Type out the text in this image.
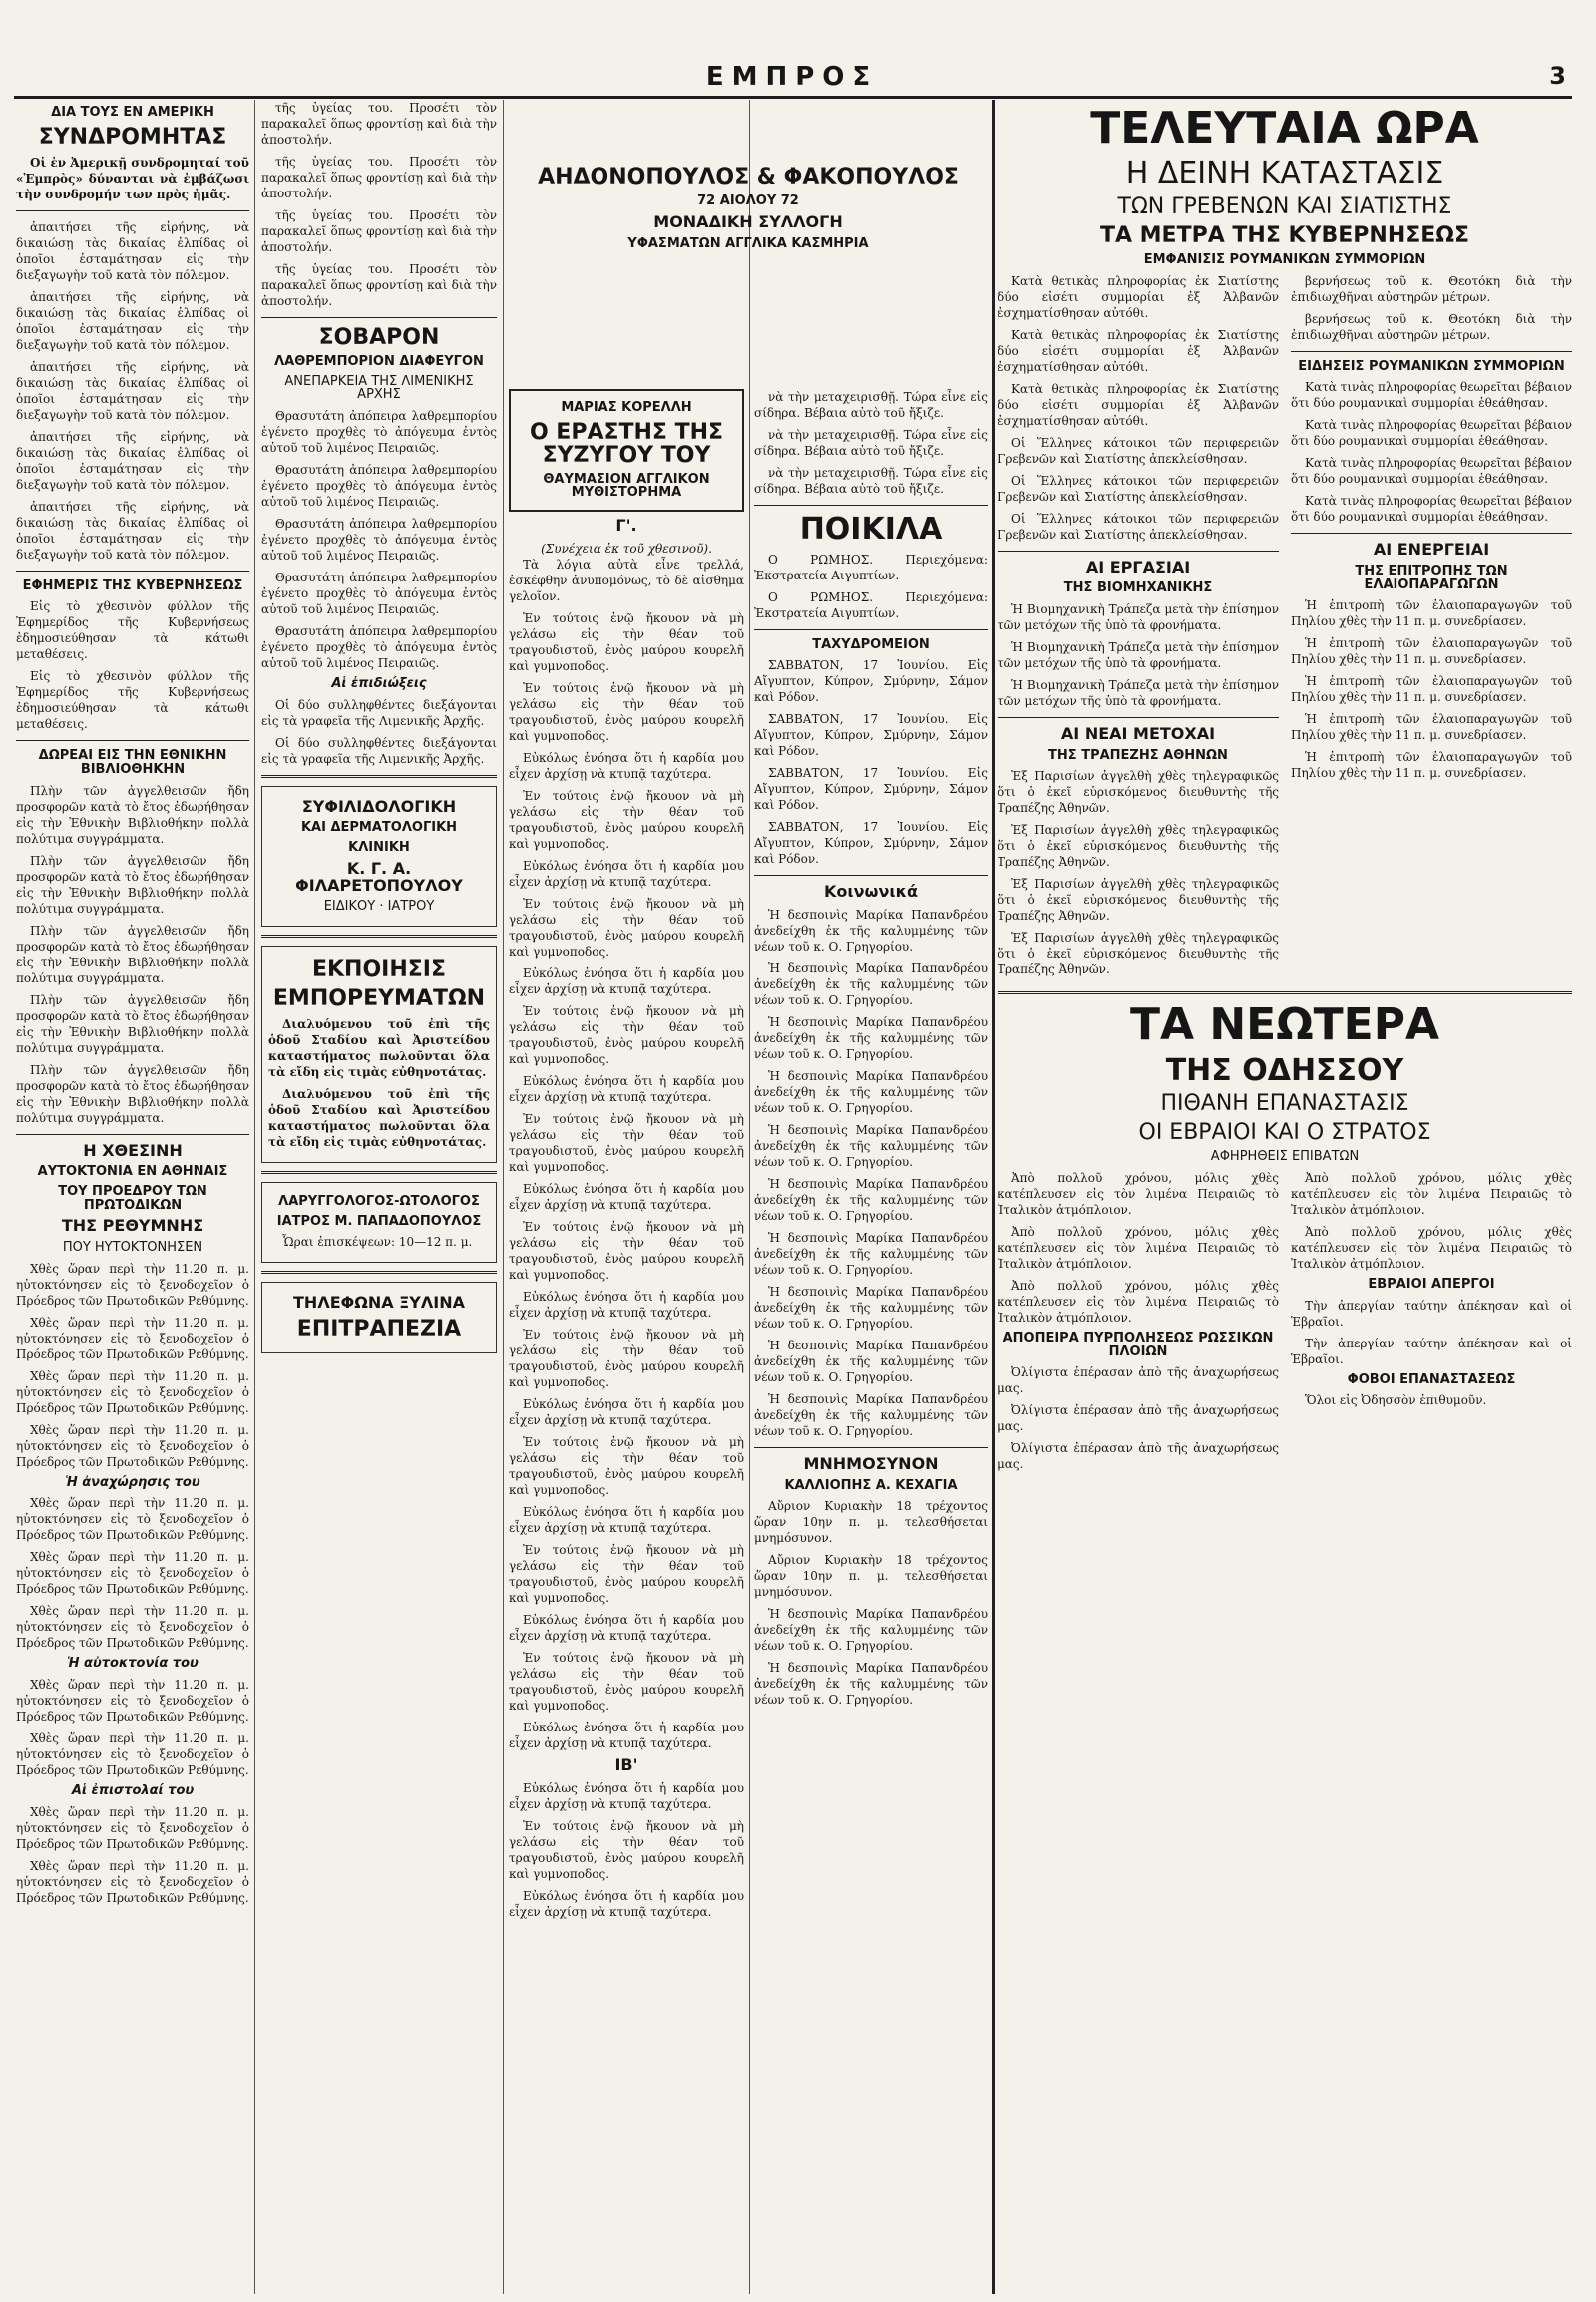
ΕΜΠΡΟΣ	3
ΔΙΑ ΤΟΥΣ ΕΝ ΑΜΕΡΙΚΗ
ΣΥΝΔΡΟΜΗΤΑΣ
Οἱ ἐν Ἀμερικῇ συνδρομηταί τοῦ «Ἐμπρὸς» δύνανται νὰ ἐμβάζωσι τὴν συνδρομήν των πρὸς ἡμᾶς.
ἀπαιτήσει τῆς εἰρήνης, νὰ δικαιώσῃ τὰς δικαίας ἐλπίδας οἱ ὁποῖοι ἐσταμάτησαν εἰς τὴν διεξαγωγὴν τοῦ κατὰ τὸν πόλεμον.
ἀπαιτήσει τῆς εἰρήνης, νὰ δικαιώσῃ τὰς δικαίας ἐλπίδας οἱ ὁποῖοι ἐσταμάτησαν εἰς τὴν διεξαγωγὴν τοῦ κατὰ τὸν πόλεμον.
ἀπαιτήσει τῆς εἰρήνης, νὰ δικαιώσῃ τὰς δικαίας ἐλπίδας οἱ ὁποῖοι ἐσταμάτησαν εἰς τὴν διεξαγωγὴν τοῦ κατὰ τὸν πόλεμον.
ἀπαιτήσει τῆς εἰρήνης, νὰ δικαιώσῃ τὰς δικαίας ἐλπίδας οἱ ὁποῖοι ἐσταμάτησαν εἰς τὴν διεξαγωγὴν τοῦ κατὰ τὸν πόλεμον.
ἀπαιτήσει τῆς εἰρήνης, νὰ δικαιώσῃ τὰς δικαίας ἐλπίδας οἱ ὁποῖοι ἐσταμάτησαν εἰς τὴν διεξαγωγὴν τοῦ κατὰ τὸν πόλεμον.
ΕΦΗΜΕΡΙΣ ΤΗΣ ΚΥΒΕΡΝΗΣΕΩΣ
Εἰς τὸ χθεσινὸν φύλλον τῆς Ἐφημερίδος τῆς Κυβερνήσεως ἐδημοσιεύθησαν τὰ κάτωθι μεταθέσεις.
Εἰς τὸ χθεσινὸν φύλλον τῆς Ἐφημερίδος τῆς Κυβερνήσεως ἐδημοσιεύθησαν τὰ κάτωθι μεταθέσεις.
ΔΩΡΕΑΙ ΕΙΣ ΤΗΝ ΕΘΝΙΚΗΝ ΒΙΒΛΙΟΘΗΚΗΝ
Πλὴν τῶν ἀγγελθεισῶν ἤδη προσφορῶν κατὰ τὸ ἔτος ἐδωρήθησαν εἰς τὴν Ἐθνικὴν Βιβλιοθήκην πολλὰ πολύτιμα συγγράμματα.
Πλὴν τῶν ἀγγελθεισῶν ἤδη προσφορῶν κατὰ τὸ ἔτος ἐδωρήθησαν εἰς τὴν Ἐθνικὴν Βιβλιοθήκην πολλὰ πολύτιμα συγγράμματα.
Πλὴν τῶν ἀγγελθεισῶν ἤδη προσφορῶν κατὰ τὸ ἔτος ἐδωρήθησαν εἰς τὴν Ἐθνικὴν Βιβλιοθήκην πολλὰ πολύτιμα συγγράμματα.
Πλὴν τῶν ἀγγελθεισῶν ἤδη προσφορῶν κατὰ τὸ ἔτος ἐδωρήθησαν εἰς τὴν Ἐθνικὴν Βιβλιοθήκην πολλὰ πολύτιμα συγγράμματα.
Πλὴν τῶν ἀγγελθεισῶν ἤδη προσφορῶν κατὰ τὸ ἔτος ἐδωρήθησαν εἰς τὴν Ἐθνικὴν Βιβλιοθήκην πολλὰ πολύτιμα συγγράμματα.
Η ΧΘΕΣΙΝΗ
ΑΥΤΟΚΤΟΝΙΑ ΕΝ ΑΘΗΝΑΙΣ
ΤΟΥ ΠΡΟΕΔΡΟΥ ΤΩΝ ΠΡΩΤΟΔΙΚΩΝ
ΤΗΣ ΡΕΘΥΜΝΗΣ
ΠΟΥ ΗΥΤΟΚΤΟΝΗΣΕΝ
Χθὲς ὥραν περὶ τὴν 11.20 π. μ. ηὐτοκτόνησεν εἰς τὸ ξενοδοχεῖον ὁ Πρόεδρος τῶν Πρωτοδικῶν Ρεθύμνης.
Χθὲς ὥραν περὶ τὴν 11.20 π. μ. ηὐτοκτόνησεν εἰς τὸ ξενοδοχεῖον ὁ Πρόεδρος τῶν Πρωτοδικῶν Ρεθύμνης.
Χθὲς ὥραν περὶ τὴν 11.20 π. μ. ηὐτοκτόνησεν εἰς τὸ ξενοδοχεῖον ὁ Πρόεδρος τῶν Πρωτοδικῶν Ρεθύμνης.
Χθὲς ὥραν περὶ τὴν 11.20 π. μ. ηὐτοκτόνησεν εἰς τὸ ξενοδοχεῖον ὁ Πρόεδρος τῶν Πρωτοδικῶν Ρεθύμνης.
Ἡ ἀναχώρησις του
Χθὲς ὥραν περὶ τὴν 11.20 π. μ. ηὐτοκτόνησεν εἰς τὸ ξενοδοχεῖον ὁ Πρόεδρος τῶν Πρωτοδικῶν Ρεθύμνης.
Χθὲς ὥραν περὶ τὴν 11.20 π. μ. ηὐτοκτόνησεν εἰς τὸ ξενοδοχεῖον ὁ Πρόεδρος τῶν Πρωτοδικῶν Ρεθύμνης.
Χθὲς ὥραν περὶ τὴν 11.20 π. μ. ηὐτοκτόνησεν εἰς τὸ ξενοδοχεῖον ὁ Πρόεδρος τῶν Πρωτοδικῶν Ρεθύμνης.
Ἡ αὐτοκτονία του
Χθὲς ὥραν περὶ τὴν 11.20 π. μ. ηὐτοκτόνησεν εἰς τὸ ξενοδοχεῖον ὁ Πρόεδρος τῶν Πρωτοδικῶν Ρεθύμνης.
Χθὲς ὥραν περὶ τὴν 11.20 π. μ. ηὐτοκτόνησεν εἰς τὸ ξενοδοχεῖον ὁ Πρόεδρος τῶν Πρωτοδικῶν Ρεθύμνης.
Αἱ ἐπιστολαί του
Χθὲς ὥραν περὶ τὴν 11.20 π. μ. ηὐτοκτόνησεν εἰς τὸ ξενοδοχεῖον ὁ Πρόεδρος τῶν Πρωτοδικῶν Ρεθύμνης.
Χθὲς ὥραν περὶ τὴν 11.20 π. μ. ηὐτοκτόνησεν εἰς τὸ ξενοδοχεῖον ὁ Πρόεδρος τῶν Πρωτοδικῶν Ρεθύμνης.
τῆς ὑγείας του. Προσέτι τὸν παρακαλεῖ ὅπως φροντίσῃ καὶ διὰ τὴν ἀποστολήν.
τῆς ὑγείας του. Προσέτι τὸν παρακαλεῖ ὅπως φροντίσῃ καὶ διὰ τὴν ἀποστολήν.
τῆς ὑγείας του. Προσέτι τὸν παρακαλεῖ ὅπως φροντίσῃ καὶ διὰ τὴν ἀποστολήν.
τῆς ὑγείας του. Προσέτι τὸν παρακαλεῖ ὅπως φροντίσῃ καὶ διὰ τὴν ἀποστολήν.
ΣΟΒΑΡΟΝ
ΛΑΘΡΕΜΠΟΡΙΟΝ ΔΙΑΦΕΥΓΟΝ
ΑΝΕΠΑΡΚΕΙΑ ΤΗΣ ΛΙΜΕΝΙΚΗΣ ΑΡΧΗΣ
Θρασυτάτη ἀπόπειρα λαθρεμπορίου ἐγένετο προχθὲς τὸ ἀπόγευμα ἐντὸς αὐτοῦ τοῦ λιμένος Πειραιῶς.
Θρασυτάτη ἀπόπειρα λαθρεμπορίου ἐγένετο προχθὲς τὸ ἀπόγευμα ἐντὸς αὐτοῦ τοῦ λιμένος Πειραιῶς.
Θρασυτάτη ἀπόπειρα λαθρεμπορίου ἐγένετο προχθὲς τὸ ἀπόγευμα ἐντὸς αὐτοῦ τοῦ λιμένος Πειραιῶς.
Θρασυτάτη ἀπόπειρα λαθρεμπορίου ἐγένετο προχθὲς τὸ ἀπόγευμα ἐντὸς αὐτοῦ τοῦ λιμένος Πειραιῶς.
Θρασυτάτη ἀπόπειρα λαθρεμπορίου ἐγένετο προχθὲς τὸ ἀπόγευμα ἐντὸς αὐτοῦ τοῦ λιμένος Πειραιῶς.
Αἱ ἐπιδιώξεις
Οἱ δύο συλληφθέντες διεξάγονται εἰς τὰ γραφεῖα τῆς Λιμενικῆς Ἀρχῆς.
Οἱ δύο συλληφθέντες διεξάγονται εἰς τὰ γραφεῖα τῆς Λιμενικῆς Ἀρχῆς.
ΣΥΦΙΛΙΔΟΛΟΓΙΚΗ
ΚΑΙ ΔΕΡΜΑΤΟΛΟΓΙΚΗ
ΚΛΙΝΙΚΗ
Κ. Γ. Α. ΦΙΛΑΡΕΤΟΠΟΥΛΟΥ
ΕΙΔΙΚΟΥ · ΙΑΤΡΟΥ
ΕΚΠΟΙΗΣΙΣ
ΕΜΠΟΡΕΥΜΑΤΩΝ
Διαλυόμενου τοῦ ἐπὶ τῆς ὁδοῦ Σταδίου καὶ Ἀριστείδου καταστήματος πωλοῦνται ὅλα τὰ εἴδη εἰς τιμὰς εὐθηνοτάτας.
Διαλυόμενου τοῦ ἐπὶ τῆς ὁδοῦ Σταδίου καὶ Ἀριστείδου καταστήματος πωλοῦνται ὅλα τὰ εἴδη εἰς τιμὰς εὐθηνοτάτας.
ΛΑΡΥΓΓΟΛΟΓΟΣ-ΩΤΟΛΟΓΟΣ
ΙΑΤΡΟΣ Μ. ΠΑΠΑΔΟΠΟΥΛΟΣ
Ὧραι ἐπισκέψεων: 10—12 π. μ.
ΤΗΛΕΦΩΝΑ ΞΥΛΙΝΑ
ΕΠΙΤΡΑΠΕΖΙΑ
ΑΗΔΟΝΟΠΟΥΛΟΣ & ΦΑΚΟΠΟΥΛΟΣ
72 ΑΙΟΛΟΥ 72
ΜΟΝΑΔΙΚΗ ΣΥΛΛΟΓΗ
ΥΦΑΣΜΑΤΩΝ ΑΓΓΛΙΚΑ ΚΑΣΜΗΡΙΑ
ΜΑΡΙΑΣ ΚΟΡΕΛΛΗ
Ο ΕΡΑΣΤΗΣ ΤΗΣ ΣΥΖΥΓΟΥ ΤΟΥ
ΘΑΥΜΑΣΙΟΝ ΑΓΓΛΙΚΟΝ ΜΥΘΙΣΤΟΡΗΜΑ
Γ'.
(Συνέχεια ἐκ τοῦ χθεσινοῦ).
Τὰ λόγια αὐτὰ εἶνε τρελλά, ἐσκέφθην ἀνυπομόνως, τὸ δὲ αἰσθημα γελοῖον.
Ἐν τούτοις ἐνῷ ἤκουον νὰ μὴ γελάσω εἰς τὴν θέαν τοῦ τραγουδιστοῦ, ἐνὸς μαύρου κουρελῆ καὶ γυμνοποδος.
Ἐν τούτοις ἐνῷ ἤκουον νὰ μὴ γελάσω εἰς τὴν θέαν τοῦ τραγουδιστοῦ, ἐνὸς μαύρου κουρελῆ καὶ γυμνοποδος.
Εὐκόλως ἐνόησα ὅτι ἡ καρδία μου εἶχεν ἀρχίσῃ νὰ κτυπᾷ ταχύτερα.
Ἐν τούτοις ἐνῷ ἤκουον νὰ μὴ γελάσω εἰς τὴν θέαν τοῦ τραγουδιστοῦ, ἐνὸς μαύρου κουρελῆ καὶ γυμνοποδος.
Εὐκόλως ἐνόησα ὅτι ἡ καρδία μου εἶχεν ἀρχίσῃ νὰ κτυπᾷ ταχύτερα.
Ἐν τούτοις ἐνῷ ἤκουον νὰ μὴ γελάσω εἰς τὴν θέαν τοῦ τραγουδιστοῦ, ἐνὸς μαύρου κουρελῆ καὶ γυμνοποδος.
Εὐκόλως ἐνόησα ὅτι ἡ καρδία μου εἶχεν ἀρχίσῃ νὰ κτυπᾷ ταχύτερα.
Ἐν τούτοις ἐνῷ ἤκουον νὰ μὴ γελάσω εἰς τὴν θέαν τοῦ τραγουδιστοῦ, ἐνὸς μαύρου κουρελῆ καὶ γυμνοποδος.
Εὐκόλως ἐνόησα ὅτι ἡ καρδία μου εἶχεν ἀρχίσῃ νὰ κτυπᾷ ταχύτερα.
Ἐν τούτοις ἐνῷ ἤκουον νὰ μὴ γελάσω εἰς τὴν θέαν τοῦ τραγουδιστοῦ, ἐνὸς μαύρου κουρελῆ καὶ γυμνοποδος.
Εὐκόλως ἐνόησα ὅτι ἡ καρδία μου εἶχεν ἀρχίσῃ νὰ κτυπᾷ ταχύτερα.
Ἐν τούτοις ἐνῷ ἤκουον νὰ μὴ γελάσω εἰς τὴν θέαν τοῦ τραγουδιστοῦ, ἐνὸς μαύρου κουρελῆ καὶ γυμνοποδος.
Εὐκόλως ἐνόησα ὅτι ἡ καρδία μου εἶχεν ἀρχίσῃ νὰ κτυπᾷ ταχύτερα.
Ἐν τούτοις ἐνῷ ἤκουον νὰ μὴ γελάσω εἰς τὴν θέαν τοῦ τραγουδιστοῦ, ἐνὸς μαύρου κουρελῆ καὶ γυμνοποδος.
Εὐκόλως ἐνόησα ὅτι ἡ καρδία μου εἶχεν ἀρχίσῃ νὰ κτυπᾷ ταχύτερα.
Ἐν τούτοις ἐνῷ ἤκουον νὰ μὴ γελάσω εἰς τὴν θέαν τοῦ τραγουδιστοῦ, ἐνὸς μαύρου κουρελῆ καὶ γυμνοποδος.
Εὐκόλως ἐνόησα ὅτι ἡ καρδία μου εἶχεν ἀρχίσῃ νὰ κτυπᾷ ταχύτερα.
Ἐν τούτοις ἐνῷ ἤκουον νὰ μὴ γελάσω εἰς τὴν θέαν τοῦ τραγουδιστοῦ, ἐνὸς μαύρου κουρελῆ καὶ γυμνοποδος.
Εὐκόλως ἐνόησα ὅτι ἡ καρδία μου εἶχεν ἀρχίσῃ νὰ κτυπᾷ ταχύτερα.
Ἐν τούτοις ἐνῷ ἤκουον νὰ μὴ γελάσω εἰς τὴν θέαν τοῦ τραγουδιστοῦ, ἐνὸς μαύρου κουρελῆ καὶ γυμνοποδος.
Εὐκόλως ἐνόησα ὅτι ἡ καρδία μου εἶχεν ἀρχίσῃ νὰ κτυπᾷ ταχύτερα.
ΙΒ'
Εὐκόλως ἐνόησα ὅτι ἡ καρδία μου εἶχεν ἀρχίσῃ νὰ κτυπᾷ ταχύτερα.
Ἐν τούτοις ἐνῷ ἤκουον νὰ μὴ γελάσω εἰς τὴν θέαν τοῦ τραγουδιστοῦ, ἐνὸς μαύρου κουρελῆ καὶ γυμνοποδος.
Εὐκόλως ἐνόησα ὅτι ἡ καρδία μου εἶχεν ἀρχίσῃ νὰ κτυπᾷ ταχύτερα.
νὰ τὴν μεταχειρισθῇ. Τώρα εἶνε εἰς σίδηρα. Βέβαια αὐτὸ τοῦ ἤξιζε.
νὰ τὴν μεταχειρισθῇ. Τώρα εἶνε εἰς σίδηρα. Βέβαια αὐτὸ τοῦ ἤξιζε.
νὰ τὴν μεταχειρισθῇ. Τώρα εἶνε εἰς σίδηρα. Βέβαια αὐτὸ τοῦ ἤξιζε.
ΠΟΙΚΙΛΑ
Ο ΡΩΜΗΟΣ. Περιεχόμενα: Ἐκστρατεία Αιγυπτίων.
Ο ΡΩΜΗΟΣ. Περιεχόμενα: Ἐκστρατεία Αιγυπτίων.
ΤΑΧΥΔΡΟΜΕΙΟΝ
ΣΑΒΒΑΤΟΝ, 17 Ἰουνίου. Εἰς Αἴγυπτον, Κύπρον, Σμύρνην, Σάμον καὶ Ρόδον.
ΣΑΒΒΑΤΟΝ, 17 Ἰουνίου. Εἰς Αἴγυπτον, Κύπρον, Σμύρνην, Σάμον καὶ Ρόδον.
ΣΑΒΒΑΤΟΝ, 17 Ἰουνίου. Εἰς Αἴγυπτον, Κύπρον, Σμύρνην, Σάμον καὶ Ρόδον.
ΣΑΒΒΑΤΟΝ, 17 Ἰουνίου. Εἰς Αἴγυπτον, Κύπρον, Σμύρνην, Σάμον καὶ Ρόδον.
Κοινωνικά
Ἡ δεσποινὶς Μαρίκα Παπανδρέου ἀνεδείχθη ἐκ τῆς καλυμμένης τῶν νέων τοῦ κ. Ο. Γρηγορίου.
Ἡ δεσποινὶς Μαρίκα Παπανδρέου ἀνεδείχθη ἐκ τῆς καλυμμένης τῶν νέων τοῦ κ. Ο. Γρηγορίου.
Ἡ δεσποινὶς Μαρίκα Παπανδρέου ἀνεδείχθη ἐκ τῆς καλυμμένης τῶν νέων τοῦ κ. Ο. Γρηγορίου.
Ἡ δεσποινὶς Μαρίκα Παπανδρέου ἀνεδείχθη ἐκ τῆς καλυμμένης τῶν νέων τοῦ κ. Ο. Γρηγορίου.
Ἡ δεσποινὶς Μαρίκα Παπανδρέου ἀνεδείχθη ἐκ τῆς καλυμμένης τῶν νέων τοῦ κ. Ο. Γρηγορίου.
Ἡ δεσποινὶς Μαρίκα Παπανδρέου ἀνεδείχθη ἐκ τῆς καλυμμένης τῶν νέων τοῦ κ. Ο. Γρηγορίου.
Ἡ δεσποινὶς Μαρίκα Παπανδρέου ἀνεδείχθη ἐκ τῆς καλυμμένης τῶν νέων τοῦ κ. Ο. Γρηγορίου.
Ἡ δεσποινὶς Μαρίκα Παπανδρέου ἀνεδείχθη ἐκ τῆς καλυμμένης τῶν νέων τοῦ κ. Ο. Γρηγορίου.
Ἡ δεσποινὶς Μαρίκα Παπανδρέου ἀνεδείχθη ἐκ τῆς καλυμμένης τῶν νέων τοῦ κ. Ο. Γρηγορίου.
Ἡ δεσποινὶς Μαρίκα Παπανδρέου ἀνεδείχθη ἐκ τῆς καλυμμένης τῶν νέων τοῦ κ. Ο. Γρηγορίου.
ΜΝΗΜΟΣΥΝΟΝ
ΚΑΛΛΙΟΠΗΣ Α. ΚΕΧΑΓΙΑ
Αὔριον Κυριακὴν 18 τρέχοντος ὥραν 10ην π. μ. τελεσθήσεται μνημόσυνον.
Αὔριον Κυριακὴν 18 τρέχοντος ὥραν 10ην π. μ. τελεσθήσεται μνημόσυνον.
Ἡ δεσποινὶς Μαρίκα Παπανδρέου ἀνεδείχθη ἐκ τῆς καλυμμένης τῶν νέων τοῦ κ. Ο. Γρηγορίου.
Ἡ δεσποινὶς Μαρίκα Παπανδρέου ἀνεδείχθη ἐκ τῆς καλυμμένης τῶν νέων τοῦ κ. Ο. Γρηγορίου.
ΤΕΛΕΥΤΑΙΑ ΩΡΑ
Η ΔΕΙΝΗ ΚΑΤΑΣΤΑΣΙΣ
ΤΩΝ ΓΡΕΒΕΝΩΝ ΚΑΙ ΣΙΑΤΙΣΤΗΣ
ΤΑ ΜΕΤΡΑ ΤΗΣ ΚΥΒΕΡΝΗΣΕΩΣ
ΕΜΦΑΝΙΣΙΣ ΡΟΥΜΑΝΙΚΩΝ ΣΥΜΜΟΡΙΩΝ
Κατὰ θετικὰς πληροφορίας ἐκ Σιατίστης δύο εἰσέτι συμμορίαι ἐξ Ἀλβανῶν ἐσχηματίσθησαν αὐτόθι.
Κατὰ θετικὰς πληροφορίας ἐκ Σιατίστης δύο εἰσέτι συμμορίαι ἐξ Ἀλβανῶν ἐσχηματίσθησαν αὐτόθι.
Κατὰ θετικὰς πληροφορίας ἐκ Σιατίστης δύο εἰσέτι συμμορίαι ἐξ Ἀλβανῶν ἐσχηματίσθησαν αὐτόθι.
Οἱ Ἕλληνες κάτοικοι τῶν περιφερειῶν Γρεβενῶν καὶ Σιατίστης ἀπεκλείσθησαν.
Οἱ Ἕλληνες κάτοικοι τῶν περιφερειῶν Γρεβενῶν καὶ Σιατίστης ἀπεκλείσθησαν.
Οἱ Ἕλληνες κάτοικοι τῶν περιφερειῶν Γρεβενῶν καὶ Σιατίστης ἀπεκλείσθησαν.
ΑΙ ΕΡΓΑΣΙΑΙ
ΤΗΣ ΒΙΟΜΗΧΑΝΙΚΗΣ
Ἡ Βιομηχανικὴ Τράπεζα μετὰ τὴν ἐπίσημον τῶν μετόχων τῆς ὑπὸ τὰ φρονήματα.
Ἡ Βιομηχανικὴ Τράπεζα μετὰ τὴν ἐπίσημον τῶν μετόχων τῆς ὑπὸ τὰ φρονήματα.
Ἡ Βιομηχανικὴ Τράπεζα μετὰ τὴν ἐπίσημον τῶν μετόχων τῆς ὑπὸ τὰ φρονήματα.
ΑΙ ΝΕΑΙ ΜΕΤΟΧΑΙ
ΤΗΣ ΤΡΑΠΕΖΗΣ ΑΘΗΝΩΝ
Ἐξ Παρισίων ἀγγελθὴ χθὲς τηλεγραφικῶς ὅτι ὁ ἐκεῖ εὑρισκόμενος διευθυντὴς τῆς Τραπέζης Ἀθηνῶν.
Ἐξ Παρισίων ἀγγελθὴ χθὲς τηλεγραφικῶς ὅτι ὁ ἐκεῖ εὑρισκόμενος διευθυντὴς τῆς Τραπέζης Ἀθηνῶν.
Ἐξ Παρισίων ἀγγελθὴ χθὲς τηλεγραφικῶς ὅτι ὁ ἐκεῖ εὑρισκόμενος διευθυντὴς τῆς Τραπέζης Ἀθηνῶν.
Ἐξ Παρισίων ἀγγελθὴ χθὲς τηλεγραφικῶς ὅτι ὁ ἐκεῖ εὑρισκόμενος διευθυντὴς τῆς Τραπέζης Ἀθηνῶν.
βερνήσεως τοῦ κ. Θεοτόκη διὰ τὴν ἐπιδιωχθῆναι αὐστηρῶν μέτρων.
βερνήσεως τοῦ κ. Θεοτόκη διὰ τὴν ἐπιδιωχθῆναι αὐστηρῶν μέτρων.
ΕΙΔΗΣΕΙΣ ΡΟΥΜΑΝΙΚΩΝ ΣΥΜΜΟΡΙΩΝ
Κατὰ τινὰς πληροφορίας θεωρεῖται βέβαιον ὅτι δύο ρουμανικαὶ συμμορίαι ἐθεάθησαν.
Κατὰ τινὰς πληροφορίας θεωρεῖται βέβαιον ὅτι δύο ρουμανικαὶ συμμορίαι ἐθεάθησαν.
Κατὰ τινὰς πληροφορίας θεωρεῖται βέβαιον ὅτι δύο ρουμανικαὶ συμμορίαι ἐθεάθησαν.
Κατὰ τινὰς πληροφορίας θεωρεῖται βέβαιον ὅτι δύο ρουμανικαὶ συμμορίαι ἐθεάθησαν.
ΑΙ ΕΝΕΡΓΕΙΑΙ
ΤΗΣ ΕΠΙΤΡΟΠΗΣ ΤΩΝ ΕΛΑΙΟΠΑΡΑΓΩΓΩΝ
Ἡ ἐπιτροπὴ τῶν ἐλαιοπαραγωγῶν τοῦ Πηλίου χθὲς τὴν 11 π. μ. συνεδρίασεν.
Ἡ ἐπιτροπὴ τῶν ἐλαιοπαραγωγῶν τοῦ Πηλίου χθὲς τὴν 11 π. μ. συνεδρίασεν.
Ἡ ἐπιτροπὴ τῶν ἐλαιοπαραγωγῶν τοῦ Πηλίου χθὲς τὴν 11 π. μ. συνεδρίασεν.
Ἡ ἐπιτροπὴ τῶν ἐλαιοπαραγωγῶν τοῦ Πηλίου χθὲς τὴν 11 π. μ. συνεδρίασεν.
Ἡ ἐπιτροπὴ τῶν ἐλαιοπαραγωγῶν τοῦ Πηλίου χθὲς τὴν 11 π. μ. συνεδρίασεν.
ΤΑ ΝΕΩΤΕΡΑ
ΤΗΣ ΟΔΗΣΣΟΥ
ΠΙΘΑΝΗ ΕΠΑΝΑΣΤΑΣΙΣ
ΟΙ ΕΒΡΑΙΟΙ ΚΑΙ Ο ΣΤΡΑΤΟΣ
ΑΦΗΡΗΘΕΙΣ ΕΠΙΒΑΤΩΝ
Ἀπὸ πολλοῦ χρόνου, μόλις χθὲς κατέπλευσεν εἰς τὸν λιμένα Πειραιῶς τὸ Ἰταλικὸν ἀτμόπλοιον.
Ἀπὸ πολλοῦ χρόνου, μόλις χθὲς κατέπλευσεν εἰς τὸν λιμένα Πειραιῶς τὸ Ἰταλικὸν ἀτμόπλοιον.
Ἀπὸ πολλοῦ χρόνου, μόλις χθὲς κατέπλευσεν εἰς τὸν λιμένα Πειραιῶς τὸ Ἰταλικὸν ἀτμόπλοιον.
ΑΠΟΠΕΙΡΑ ΠΥΡΠΟΛΗΣΕΩΣ ΡΩΣΣΙΚΩΝ ΠΛΟΙΩΝ
Ὀλίγιστα ἐπέρασαν ἀπὸ τῆς ἀναχωρήσεως μας.
Ὀλίγιστα ἐπέρασαν ἀπὸ τῆς ἀναχωρήσεως μας.
Ὀλίγιστα ἐπέρασαν ἀπὸ τῆς ἀναχωρήσεως μας.
Ἀπὸ πολλοῦ χρόνου, μόλις χθὲς κατέπλευσεν εἰς τὸν λιμένα Πειραιῶς τὸ Ἰταλικὸν ἀτμόπλοιον.
Ἀπὸ πολλοῦ χρόνου, μόλις χθὲς κατέπλευσεν εἰς τὸν λιμένα Πειραιῶς τὸ Ἰταλικὸν ἀτμόπλοιον.
ΕΒΡΑΙΟΙ ΑΠΕΡΓΟΙ
Τὴν ἀπεργίαν ταύτην ἀπέκησαν καὶ οἱ Ἑβραῖοι.
Τὴν ἀπεργίαν ταύτην ἀπέκησαν καὶ οἱ Ἑβραῖοι.
ΦΟΒΟΙ ΕΠΑΝΑΣΤΑΣΕΩΣ
Ὅλοι εἰς Ὀδησσὸν ἐπιθυμοῦν.
